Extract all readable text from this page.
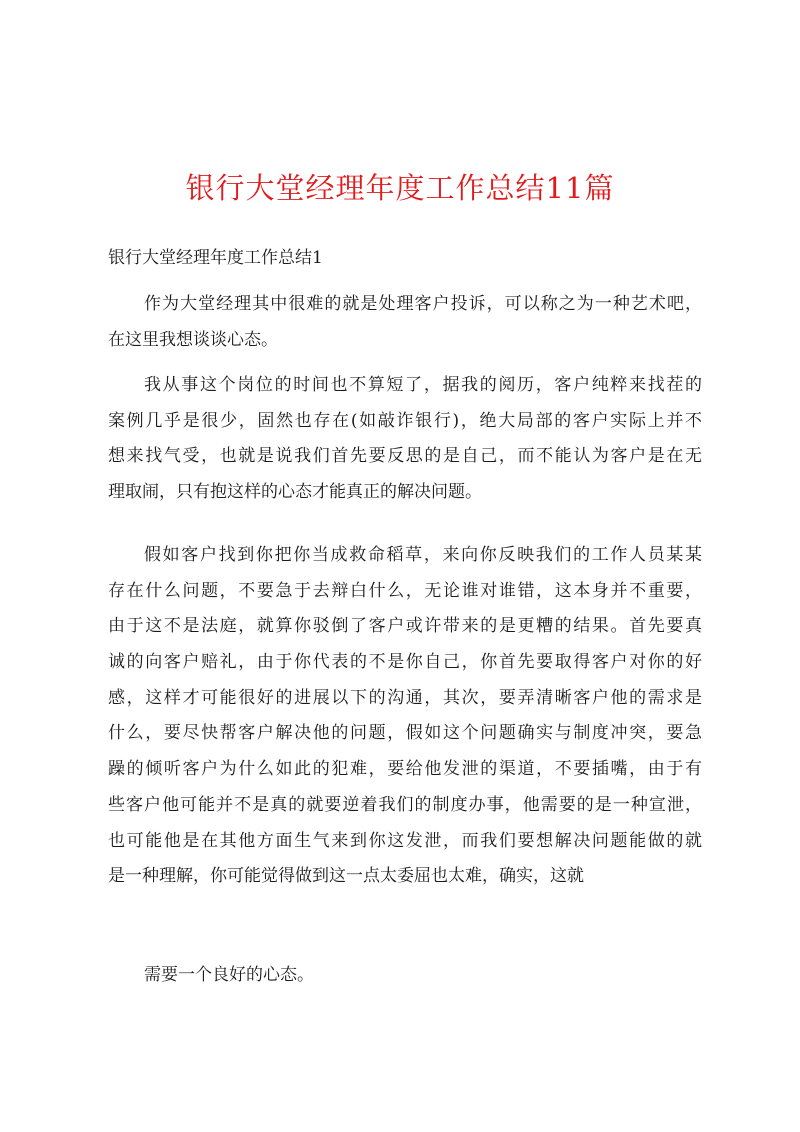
银行大堂经理年度工作总结11篇
银行大堂经理年度工作总结1
作为大堂经理其中很难的就是处理客户投诉，可以称之为一种艺术吧，
在这里我想谈谈心态。
我从事这个岗位的时间也不算短了，据我的阅历，客户纯粹来找茬的
案例几乎是很少，固然也存在(如敲诈银行)，绝大局部的客户实际上并不
想来找气受，也就是说我们首先要反思的是自己，而不能认为客户是在无
理取闹，只有抱这样的心态才能真正的解决问题。
假如客户找到你把你当成救命稻草，来向你反映我们的工作人员某某
存在什么问题，不要急于去辩白什么，无论谁对谁错，这本身并不重要，
由于这不是法庭，就算你驳倒了客户或许带来的是更糟的结果。首先要真
诚的向客户赔礼，由于你代表的不是你自己，你首先要取得客户对你的好
感，这样才可能很好的进展以下的沟通，其次，要弄清晰客户他的需求是
什么，要尽快帮客户解决他的问题，假如这个问题确实与制度冲突，要急
躁的倾听客户为什么如此的犯难，要给他发泄的渠道，不要插嘴，由于有
些客户他可能并不是真的就要逆着我们的制度办事，他需要的是一种宣泄，
也可能他是在其他方面生气来到你这发泄，而我们要想解决问题能做的就
是一种理解，你可能觉得做到这一点太委屈也太难，确实，这就
需要一个良好的心态。
